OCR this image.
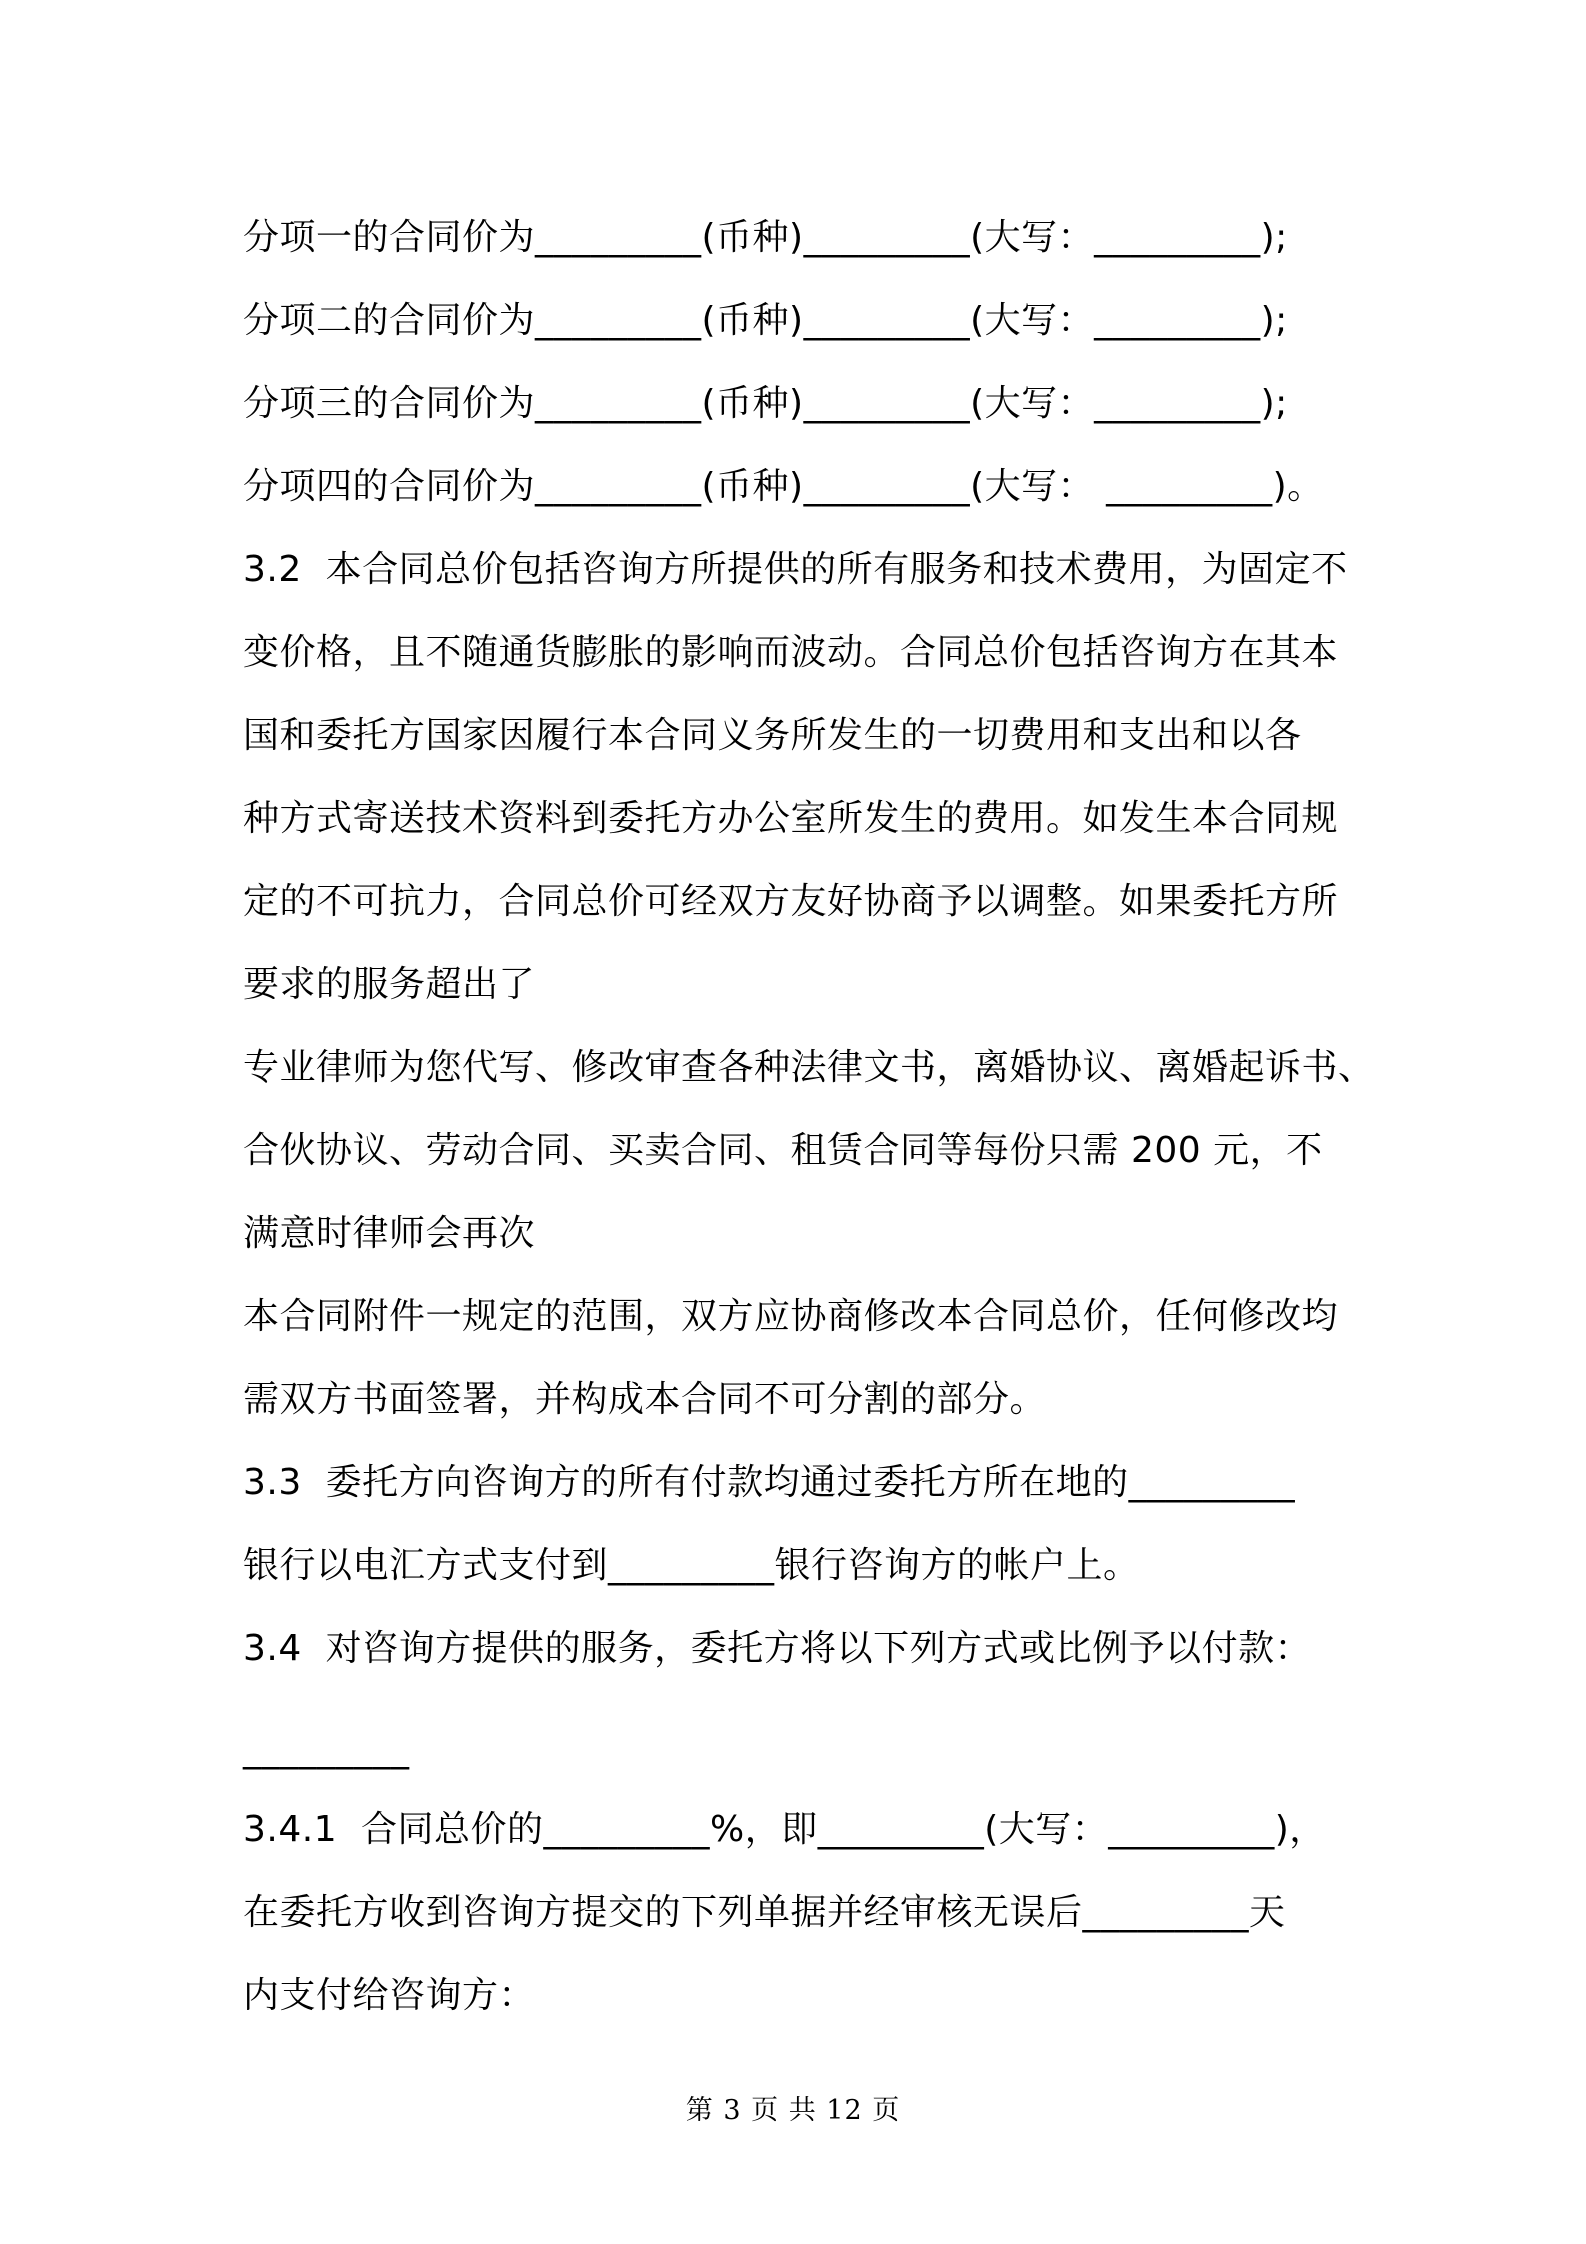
分项一的合同价为_________(币种)_________(大写：_________);
分项二的合同价为_________(币种)_________(大写：_________);
分项三的合同价为_________(币种)_________(大写：_________);
分项四的合同价为_________(币种)_________(大写： _________)。
3.2  本合同总价包括咨询方所提供的所有服务和技术费用，为固定不
变价格，且不随通货膨胀的影响而波动。合同总价包括咨询方在其本
国和委托方国家因履行本合同义务所发生的一切费用和支出和以各
种方式寄送技术资料到委托方办公室所发生的费用。如发生本合同规
定的不可抗力，合同总价可经双方友好协商予以调整。如果委托方所
要求的服务超出了
专业律师为您代写、修改审查各种法律文书，离婚协议、离婚起诉书、
合伙协议、劳动合同、买卖合同、租赁合同等每份只需 200 元，不
满意时律师会再次
本合同附件一规定的范围，双方应协商修改本合同总价，任何修改均
需双方书面签署，并构成本合同不可分割的部分。
3.3  委托方向咨询方的所有付款均通过委托方所在地的_________
银行以电汇方式支付到_________银行咨询方的帐户上。
3.4  对咨询方提供的服务，委托方将以下列方式或比例予以付款：
_________
3.4.1  合同总价的_________%，即_________(大写：_________)，
在委托方收到咨询方提交的下列单据并经审核无误后_________天
内支付给咨询方：
第 3 页 共 12 页
